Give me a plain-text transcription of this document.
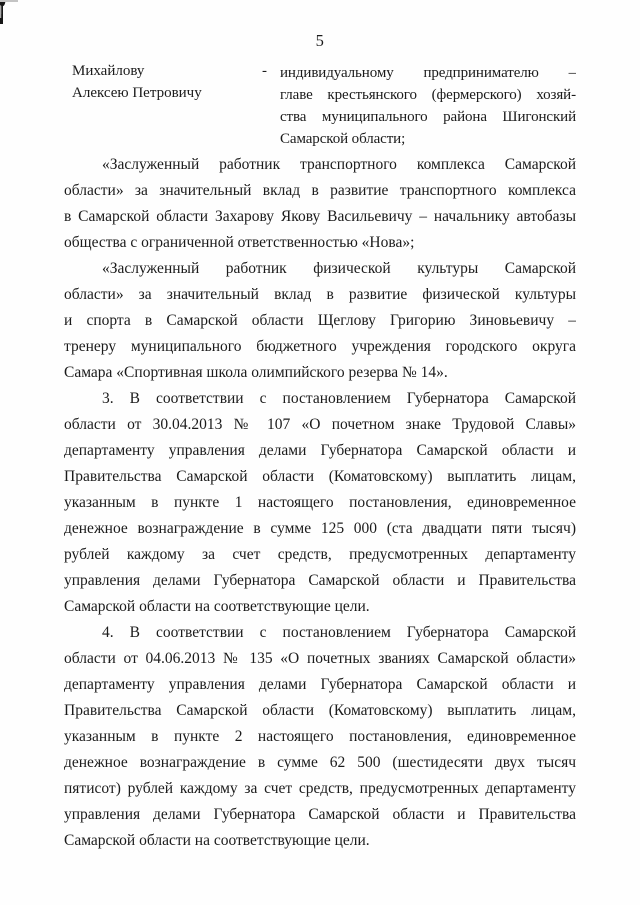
5
Михайлову
Алексею Петровичу
- индивидуальному предпринимателю –
главе крестьянского (фермерского) хозяй-
ства муниципального района Шигонский
Самарской области;
«Заслуженный работник транспортного комплекса Самарской
области» за значительный вклад в развитие транспортного комплекса
в Самарской области Захарову Якову Васильевичу – начальнику автобазы
общества с ограниченной ответственностью «Нова»;
«Заслуженный работник физической культуры Самарской
области» за значительный вклад в развитие физической культуры
и спорта в Самарской области Щеглову Григорию Зиновьевичу –
тренеру муниципального бюджетного учреждения городского округа
Самара «Спортивная школа олимпийского резерва № 14».
3. В соответствии с постановлением Губернатора Самарской
области от 30.04.2013 № 107 «О почетном знаке Трудовой Славы»
департаменту управления делами Губернатора Самарской области и
Правительства Самарской области (Коматовскому) выплатить лицам,
указанным в пункте 1 настоящего постановления, единовременное
денежное вознаграждение в сумме 125 000 (ста двадцати пяти тысяч)
рублей каждому за счет средств, предусмотренных департаменту
управления делами Губернатора Самарской области и Правительства
Самарской области на соответствующие цели.
4. В соответствии с постановлением Губернатора Самарской
области от 04.06.2013 № 135 «О почетных званиях Самарской области»
департаменту управления делами Губернатора Самарской области и
Правительства Самарской области (Коматовскому) выплатить лицам,
указанным в пункте 2 настоящего постановления, единовременное
денежное вознаграждение в сумме 62 500 (шестидесяти двух тысяч
пятисот) рублей каждому за счет средств, предусмотренных департаменту
управления делами Губернатора Самарской области и Правительства
Самарской области на соответствующие цели.
